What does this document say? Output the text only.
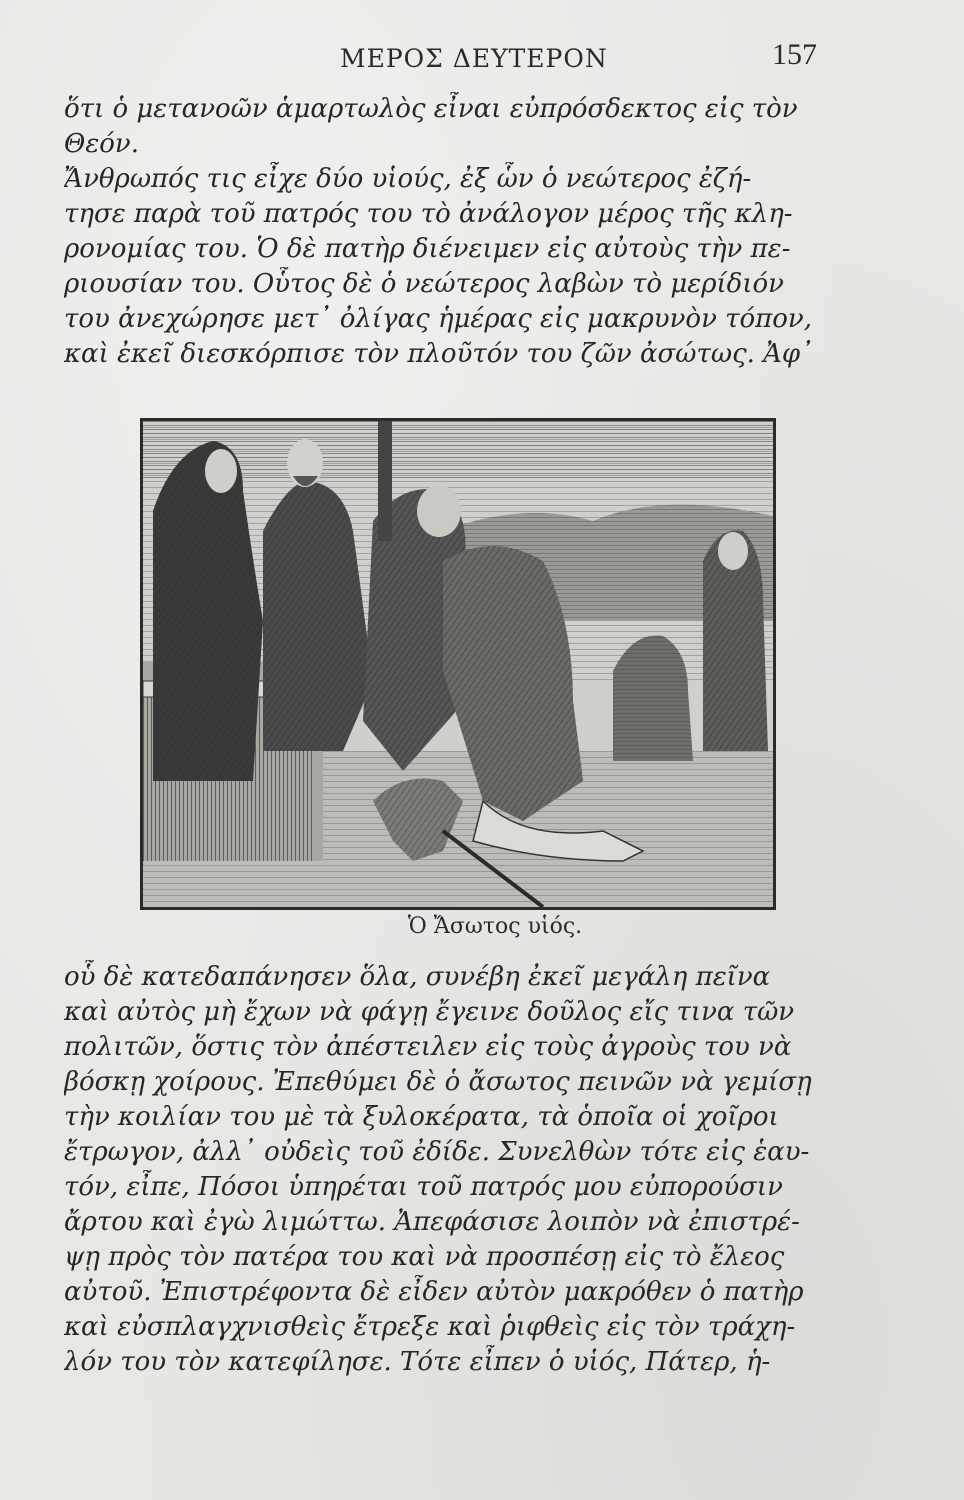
ΜΕΡΟΣ ΔΕΥΤΕΡΟΝ	157
ὅτι ὁ μετανοῶν ἁμαρτωλὸς εἶναι εὐπρόσδεκτος εἰς τὸν
Θεόν.
Ἄνθρωπός τις εἶχε δύο υἱούς, ἐξ ὧν ὁ νεώτερος ἐζή-
τησε παρὰ τοῦ πατρός του τὸ ἀνάλογον μέρος τῆς κλη-
ρονομίας του. Ὁ δὲ πατὴρ διένειμεν εἰς αὐτοὺς τὴν πε-
ριουσίαν του. Οὗτος δὲ ὁ νεώτερος λαβὼν τὸ μερίδιόν
του ἀνεχώρησε μετ᾽ ὀλίγας ἡμέρας εἰς μακρυνὸν τόπον,
καὶ ἐκεῖ διεσκόρπισε τὸν πλοῦτόν του ζῶν ἀσώτως. Ἀφ᾽
Ὁ Ἄσωτος υἱός.
οὗ δὲ κατεδαπάνησεν ὅλα, συνέβη ἐκεῖ μεγάλη πεῖνα
καὶ αὐτὸς μὴ ἔχων νὰ φάγῃ ἔγεινε δοῦλος εἴς τινα τῶν
πολιτῶν, ὅστις τὸν ἀπέστειλεν εἰς τοὺς ἀγροὺς του νὰ
βόσκῃ χοίρους. Ἐπεθύμει δὲ ὁ ἄσωτος πεινῶν νὰ γεμίσῃ
τὴν κοιλίαν του μὲ τὰ ξυλοκέρατα, τὰ ὁποῖα οἱ χοῖροι
ἔτρωγον, ἀλλ᾽ οὐδεὶς τοῦ ἐδίδε. Συνελθὼν τότε εἰς ἑαυ-
τόν, εἶπε, Πόσοι ὑπηρέται τοῦ πατρός μου εὐπορούσιν
ἄρτου καὶ ἐγὼ λιμώττω. Ἀπεφάσισε λοιπὸν νὰ ἐπιστρέ-
ψῃ πρὸς τὸν πατέρα του καὶ νὰ προσπέσῃ εἰς τὸ ἔλεος
αὐτοῦ. Ἐπιστρέφοντα δὲ εἶδεν αὐτὸν μακρόθεν ὁ πατὴρ
καὶ εὐσπλαγχνισθεὶς ἔτρεξε καὶ ῥιφθεὶς εἰς τὸν τράχη-
λόν του τὸν κατεφίλησε. Τότε εἶπεν ὁ υἱός, Πάτερ, ἡ-
